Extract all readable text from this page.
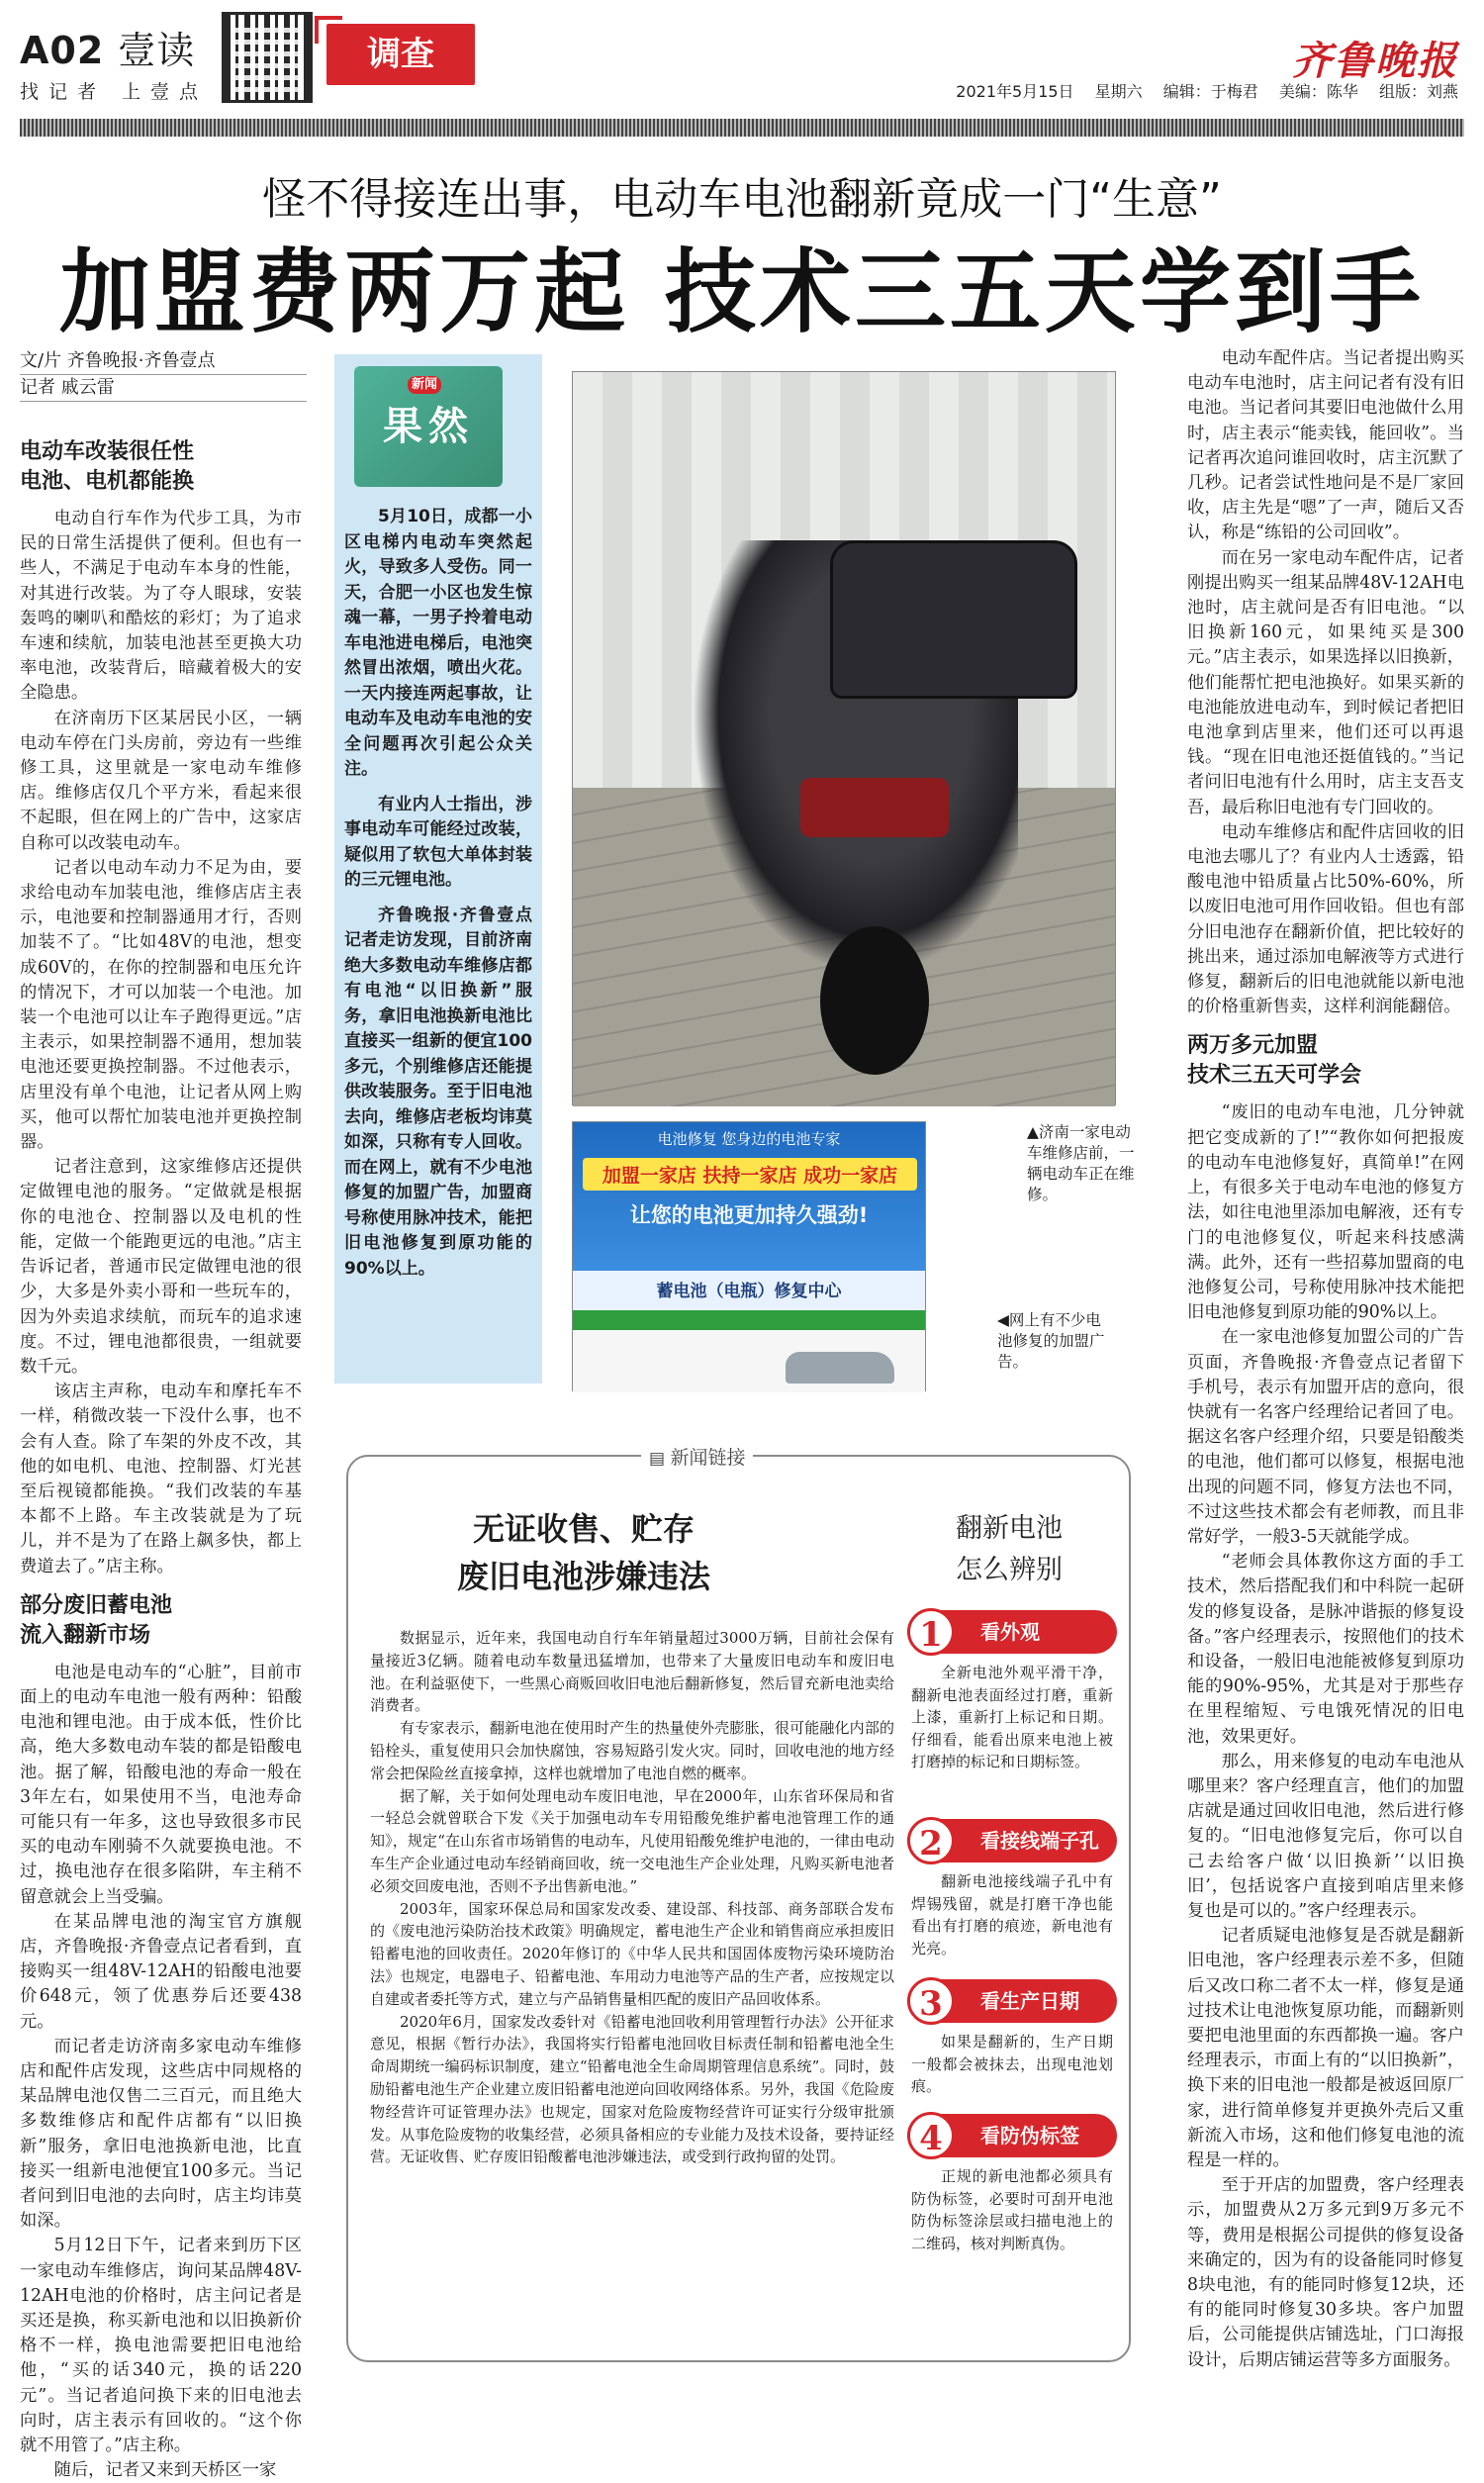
A02 壹读
找记者 上壹点
调查	齐鲁晚报
2021年5月15日 星期六 编辑：于梅君 美编：陈华 组版：刘燕
怪不得接连出事，电动车电池翻新竟成一门“生意”
加盟费两万起 技术三五天学到手
文/片 齐鲁晚报·齐鲁壹点
记者 戚云雷
电动车改装很任性
电池、电机都能换

电动自行车作为代步工具，为市民的日常生活提供了便利。但也有一些人，不满足于电动车本身的性能，对其进行改装。为了夺人眼球，安装轰鸣的喇叭和酷炫的彩灯；为了追求车速和续航，加装电池甚至更换大功率电池，改装背后，暗藏着极大的安全隐患。

在济南历下区某居民小区，一辆电动车停在门头房前，旁边有一些维修工具，这里就是一家电动车维修店。维修店仅几个平方米，看起来很不起眼，但在网上的广告中，这家店自称可以改装电动车。

记者以电动车动力不足为由，要求给电动车加装电池，维修店店主表示，电池要和控制器通用才行，否则加装不了。“比如48V的电池，想变成60V的，在你的控制器和电压允许的情况下，才可以加装一个电池。加装一个电池可以让车子跑得更远。”店主表示，如果控制器不通用，想加装电池还要更换控制器。不过他表示，店里没有单个电池，让记者从网上购买，他可以帮忙加装电池并更换控制器。

记者注意到，这家维修店还提供定做锂电池的服务。“定做就是根据你的电池仓、控制器以及电机的性能，定做一个能跑更远的电池。”店主告诉记者，普通市民定做锂电池的很少，大多是外卖小哥和一些玩车的，因为外卖追求续航，而玩车的追求速度。不过，锂电池都很贵，一组就要数千元。

该店主声称，电动车和摩托车不一样，稍微改装一下没什么事，也不会有人查。除了车架的外皮不改，其他的如电机、电池、控制器、灯光甚至后视镜都能换。“我们改装的车基本都不上路。车主改装就是为了玩儿，并不是为了在路上飙多快，都上费道去了。”店主称。

部分废旧蓄电池
流入翻新市场

电池是电动车的“心脏”，目前市面上的电动车电池一般有两种：铅酸电池和锂电池。由于成本低，性价比高，绝大多数电动车装的都是铅酸电池。据了解，铅酸电池的寿命一般在3年左右，如果使用不当，电池寿命可能只有一年多，这也导致很多市民买的电动车刚骑不久就要换电池。不过，换电池存在很多陷阱，车主稍不留意就会上当受骗。

在某品牌电池的淘宝官方旗舰店，齐鲁晚报·齐鲁壹点记者看到，直接购买一组48V-12AH的铅酸电池要价648元，领了优惠券后还要438元。

而记者走访济南多家电动车维修店和配件店发现，这些店中同规格的某品牌电池仅售二三百元，而且绝大多数维修店和配件店都有“以旧换新”服务，拿旧电池换新电池，比直接买一组新电池便宜100多元。当记者问到旧电池的去向时，店主均讳莫如深。

5月12日下午，记者来到历下区一家电动车维修店，询问某品牌48V-12AH电池的价格时，店主问记者是买还是换，称买新电池和以旧换新价格不一样，换电池需要把旧电池给他，“买的话340元，换的话220元”。当记者追问换下来的旧电池去向时，店主表示有回收的。“这个你就不用管了。”店主称。

随后，记者又来到天桥区一家

果然
新闻

5月10日，成都一小区电梯内电动车突然起火，导致多人受伤。同一天，合肥一小区也发生惊魂一幕，一男子拎着电动车电池进电梯后，电池突然冒出浓烟，喷出火花。一天内接连两起事故，让电动车及电动车电池的安全问题再次引起公众关注。

有业内人士指出，涉事电动车可能经过改装，疑似用了软包大单体封装的三元锂电池。

齐鲁晚报·齐鲁壹点记者走访发现，目前济南绝大多数电动车维修店都有电池“以旧换新”服务，拿旧电池换新电池比直接买一组新的便宜100多元，个别维修店还能提供改装服务。至于旧电池去向，维修店老板均讳莫如深，只称有专人回收。而在网上，就有不少电池修复的加盟广告，加盟商号称使用脉冲技术，能把旧电池修复到原功能的90%以上。

▲济南一家电动车维修店前，一辆电动车正在维修。
电池修复 您身边的电池专家
加盟一家店 扶持一家店 成功一家店
让您的电池更加持久强劲!
蓄电池（电瓶）修复中心
◀网上有不少电池修复的加盟广告。
▤ 新闻链接
无证收售、贮存
废旧电池涉嫌违法

数据显示，近年来，我国电动自行车年销量超过3000万辆，目前社会保有量接近3亿辆。随着电动车数量迅猛增加，也带来了大量废旧电动车和废旧电池。在利益驱使下，一些黑心商贩回收旧电池后翻新修复，然后冒充新电池卖给消费者。

有专家表示，翻新电池在使用时产生的热量使外壳膨胀，很可能融化内部的铅栓头，重复使用只会加快腐蚀，容易短路引发火灾。同时，回收电池的地方经常会把保险丝直接拿掉，这样也就增加了电池自燃的概率。

据了解，关于如何处理电动车废旧电池，早在2000年，山东省环保局和省一轻总会就曾联合下发《关于加强电动车专用铅酸免维护蓄电池管理工作的通知》，规定“在山东省市场销售的电动车，凡使用铅酸免维护电池的，一律由电动车生产企业通过电动车经销商回收，统一交电池生产企业处理，凡购买新电池者必须交回废电池，否则不予出售新电池。”

2003年，国家环保总局和国家发改委、建设部、科技部、商务部联合发布的《废电池污染防治技术政策》明确规定，蓄电池生产企业和销售商应承担废旧铅蓄电池的回收责任。2020年修订的《中华人民共和国固体废物污染环境防治法》也规定，电器电子、铅蓄电池、车用动力电池等产品的生产者，应按规定以自建或者委托等方式，建立与产品销售量相匹配的废旧产品回收体系。

2020年6月，国家发改委针对《铅蓄电池回收利用管理暂行办法》公开征求意见，根据《暂行办法》，我国将实行铅蓄电池回收目标责任制和铅蓄电池全生命周期统一编码标识制度，建立“铅蓄电池全生命周期管理信息系统”。同时，鼓励铅蓄电池生产企业建立废旧铅蓄电池逆向回收网络体系。另外，我国《危险废物经营许可证管理办法》也规定，国家对危险废物经营许可证实行分级审批颁发。从事危险废物的收集经营，必须具备相应的专业能力及技术设备，要持证经营。无证收售、贮存废旧铅酸蓄电池涉嫌违法，或受到行政拘留的处罚。

翻新电池
怎么辨别
1	看外观

全新电池外观平滑干净，翻新电池表面经过打磨，重新上漆，重新打上标记和日期。仔细看，能看出原来电池上被打磨掉的标记和日期标签。

2	看接线端子孔

翻新电池接线端子孔中有焊锡残留，就是打磨干净也能看出有打磨的痕迹，新电池有光亮。

3	看生产日期

如果是翻新的，生产日期一般都会被抹去，出现电池划痕。

4	看防伪标签

正规的新电池都必须具有防伪标签，必要时可刮开电池防伪标签涂层或扫描电池上的二维码，核对判断真伪。

电动车配件店。当记者提出购买电动车电池时，店主问记者有没有旧电池。当记者问其要旧电池做什么用时，店主表示“能卖钱，能回收”。当记者再次追问谁回收时，店主沉默了几秒。记者尝试性地问是不是厂家回收，店主先是“嗯”了一声，随后又否认，称是“练铅的公司回收”。

而在另一家电动车配件店，记者刚提出购买一组某品牌48V-12AH电池时，店主就问是否有旧电池。“以旧换新160元，如果纯买是300元。”店主表示，如果选择以旧换新，他们能帮忙把电池换好。如果买新的电池能放进电动车，到时候记者把旧电池拿到店里来，他们还可以再退钱。“现在旧电池还挺值钱的。”当记者问旧电池有什么用时，店主支吾支吾，最后称旧电池有专门回收的。

电动车维修店和配件店回收的旧电池去哪儿了？有业内人士透露，铅酸电池中铅质量占比50%-60%，所以废旧电池可用作回收铅。但也有部分旧电池存在翻新价值，把比较好的挑出来，通过添加电解液等方式进行修复，翻新后的旧电池就能以新电池的价格重新售卖，这样利润能翻倍。

两万多元加盟
技术三五天可学会

“废旧的电动车电池，几分钟就把它变成新的了!”“教你如何把报废的电动车电池修复好，真简单!”在网上，有很多关于电动车电池的修复方法，如往电池里添加电解液，还有专门的电池修复仪，听起来科技感满满。此外，还有一些招募加盟商的电池修复公司，号称使用脉冲技术能把旧电池修复到原功能的90%以上。

在一家电池修复加盟公司的广告页面，齐鲁晚报·齐鲁壹点记者留下手机号，表示有加盟开店的意向，很快就有一名客户经理给记者回了电。据这名客户经理介绍，只要是铅酸类的电池，他们都可以修复，根据电池出现的问题不同，修复方法也不同，不过这些技术都会有老师教，而且非常好学，一般3-5天就能学成。

“老师会具体教你这方面的手工技术，然后搭配我们和中科院一起研发的修复设备，是脉冲谐振的修复设备。”客户经理表示，按照他们的技术和设备，一般旧电池能被修复到原功能的90%-95%，尤其是对于那些存在里程缩短、亏电饿死情况的旧电池，效果更好。

那么，用来修复的电动车电池从哪里来？客户经理直言，他们的加盟店就是通过回收旧电池，然后进行修复的。“旧电池修复完后，你可以自己去给客户做‘以旧换新’‘以旧换旧’，包括说客户直接到咱店里来修复也是可以的。”客户经理表示。

记者质疑电池修复是否就是翻新旧电池，客户经理表示差不多，但随后又改口称二者不太一样，修复是通过技术让电池恢复原功能，而翻新则要把电池里面的东西都换一遍。客户经理表示，市面上有的“以旧换新”，换下来的旧电池一般都是被返回原厂家，进行简单修复并更换外壳后又重新流入市场，这和他们修复电池的流程是一样的。

至于开店的加盟费，客户经理表示，加盟费从2万多元到9万多元不等，费用是根据公司提供的修复设备来确定的，因为有的设备能同时修复8块电池，有的能同时修复12块，还有的能同时修复30多块。客户加盟后，公司能提供店铺选址，门口海报设计，后期店铺运营等多方面服务。
